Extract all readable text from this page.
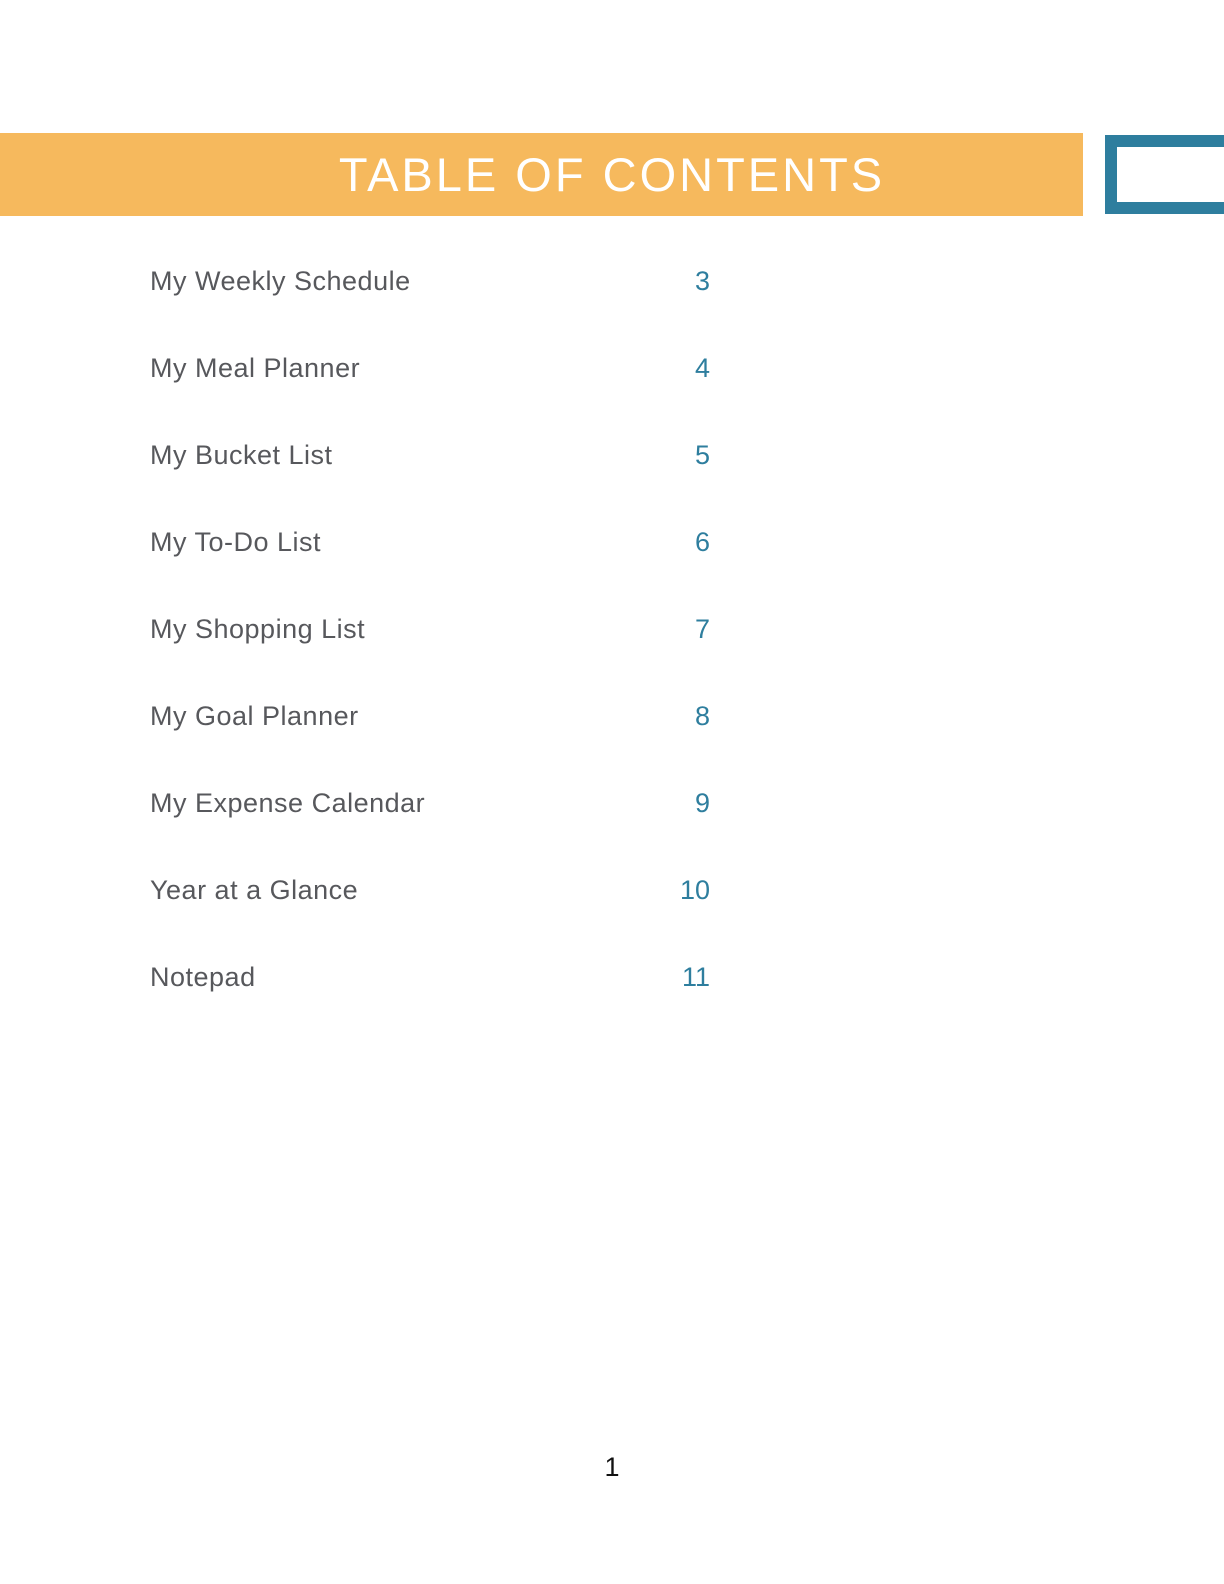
TABLE OF CONTENTS
My Weekly Schedule	3
My Meal Planner	4
My Bucket List	5
My To-Do List	6
My Shopping List	7
My Goal Planner	8
My Expense Calendar	9
Year at a Glance	10
Notepad	11
1
